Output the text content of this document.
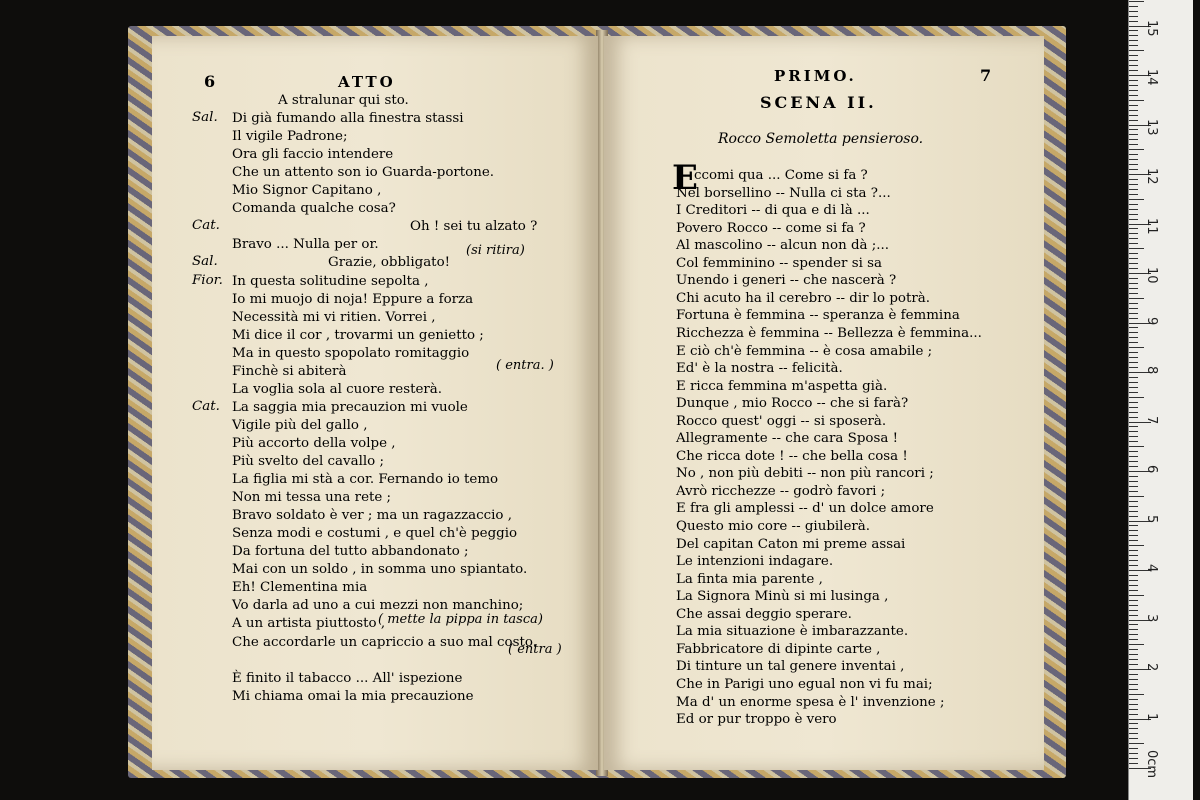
6	ATTO
A stralunar qui sto.
Sal. Di già fumando alla finestra stassi
Il vigile Padrone;
Ora gli faccio intendere
Che un attento son io Guarda-portone.
Mio Signor Capitano ,
Comanda qualche cosa?
Cat.	Oh ! sei tu alzato ?
Bravo ... Nulla per or.
Sal.	Grazie, obbligato!
Fior. In questa solitudine sepolta ,
Io mi muojo di noja! Eppure a forza
Necessità mi vi ritien. Vorrei ,
Mi dice il cor , trovarmi un genietto ;
Ma in questo spopolato romitaggio
Finchè si abiterà
La voglia sola al cuore resterà.
Cat. La saggia mia precauzion mi vuole
Vigile più del gallo ,
Più accorto della volpe ,
Più svelto del cavallo ;
La figlia mi stà a cor. Fernando io temo
Non mi tessa una rete ;
Bravo soldato è ver ; ma un ragazzaccio ,
Senza modi e costumi , e quel ch'è peggio
Da fortuna del tutto abbandonato ;
Mai con un soldo , in somma uno spiantato.
Eh! Clementina mia
Vo darla ad uno a cui mezzi non manchino;
A un artista piuttosto ,
Che accordarle un capriccio a suo mal costo.
È finito il tabacco ... All' ispezione
Mi chiama omai la mia precauzione
(si ritira)
( entra. )
( mette la pippa in tasca)
( entra )
PRIMO.	7
SCENA II.
Rocco Semoletta pensieroso.
E
ccomi qua ... Come si fa ?
Nel borsellino -- Nulla ci sta ?...
I Creditori -- di qua e di là ...
Povero Rocco -- come si fa ?
Al mascolino -- alcun non dà ;...
Col femminino -- spender si sa
Unendo i generi -- che nascerà ?
Chi acuto ha il cerebro -- dir lo potrà.
Fortuna è femmina -- speranza è femmina
Ricchezza è femmina -- Bellezza è femmina...
E ciò ch'è femmina -- è cosa amabile ;
Ed' è la nostra -- felicità.
E ricca femmina m'aspetta già.
Dunque , mio Rocco -- che si farà?
Rocco quest' oggi -- si sposerà.
Allegramente -- che cara Sposa !
Che ricca dote ! -- che bella cosa !
No , non più debiti -- non più rancori ;
Avrò ricchezze -- godrò favori ;
E fra gli amplessi -- d' un dolce amore
Questo mio core -- giubilerà.
Del capitan Caton mi preme assai
Le intenzioni indagare.
La finta mia parente ,
La Signora Minù si mi lusinga ,
Che assai deggio sperare.
La mia situazione è imbarazzante.
Fabbricatore di dipinte carte ,
Di tinture un tal genere inventai ,
Che in Parigi uno egual non vi fu mai;
Ma d' un enorme spesa è l' invenzione ;
Ed or pur troppo è vero
0cm
1
2
3
4
5
6
7
8
9
10
11
12
13
14
15
